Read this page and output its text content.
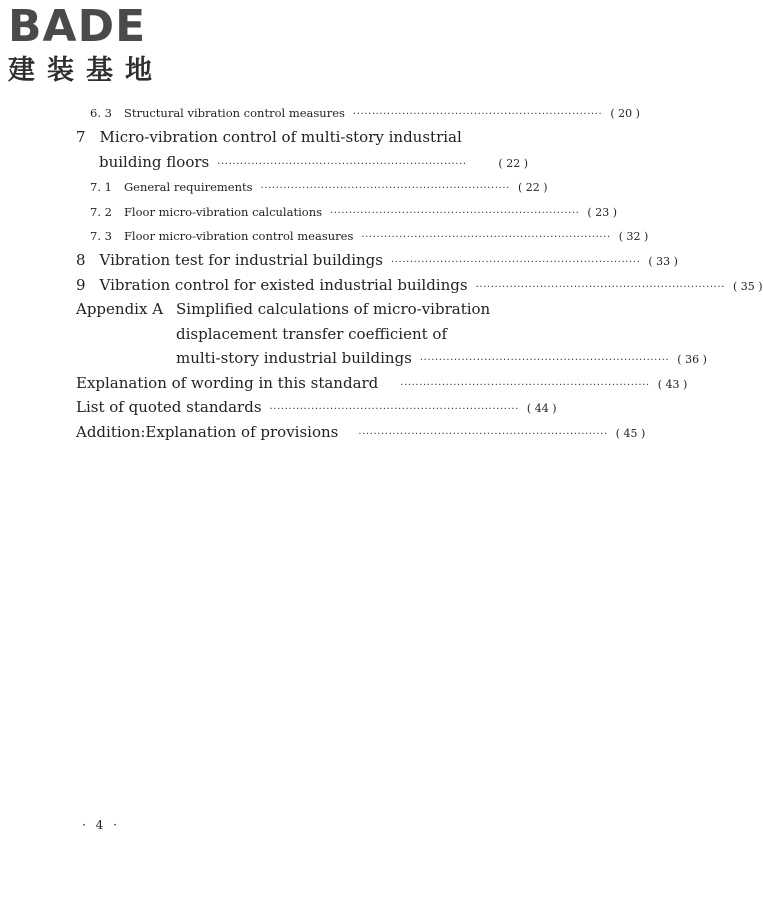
BADE
建装基地
6. 3 Structural vibration control measures ·································································· ( 20 )
7 Micro-vibration control of multi-story industrial
building floors ··································································	( 22 )
7. 1 General requirements ·································································· ( 22 )
7. 2 Floor micro-vibration calculations ·································································· ( 23 )
7. 3 Floor micro-vibration control measures ·································································· ( 32 )
8 Vibration test for industrial buildings ·································································· ( 33 )
9 Vibration control for existed industrial buildings ·································································· ( 35 )
Appendix A Simplified calculations of micro-vibration
displacement transfer coefficient of
multi-story industrial buildings ·································································· ( 36 )
Explanation of wording in this standard ·································································· ( 43 )
List of quoted standards ·································································· ( 44 )
Addition:Explanation of provisions ·································································· ( 45 )
· 4 ·
